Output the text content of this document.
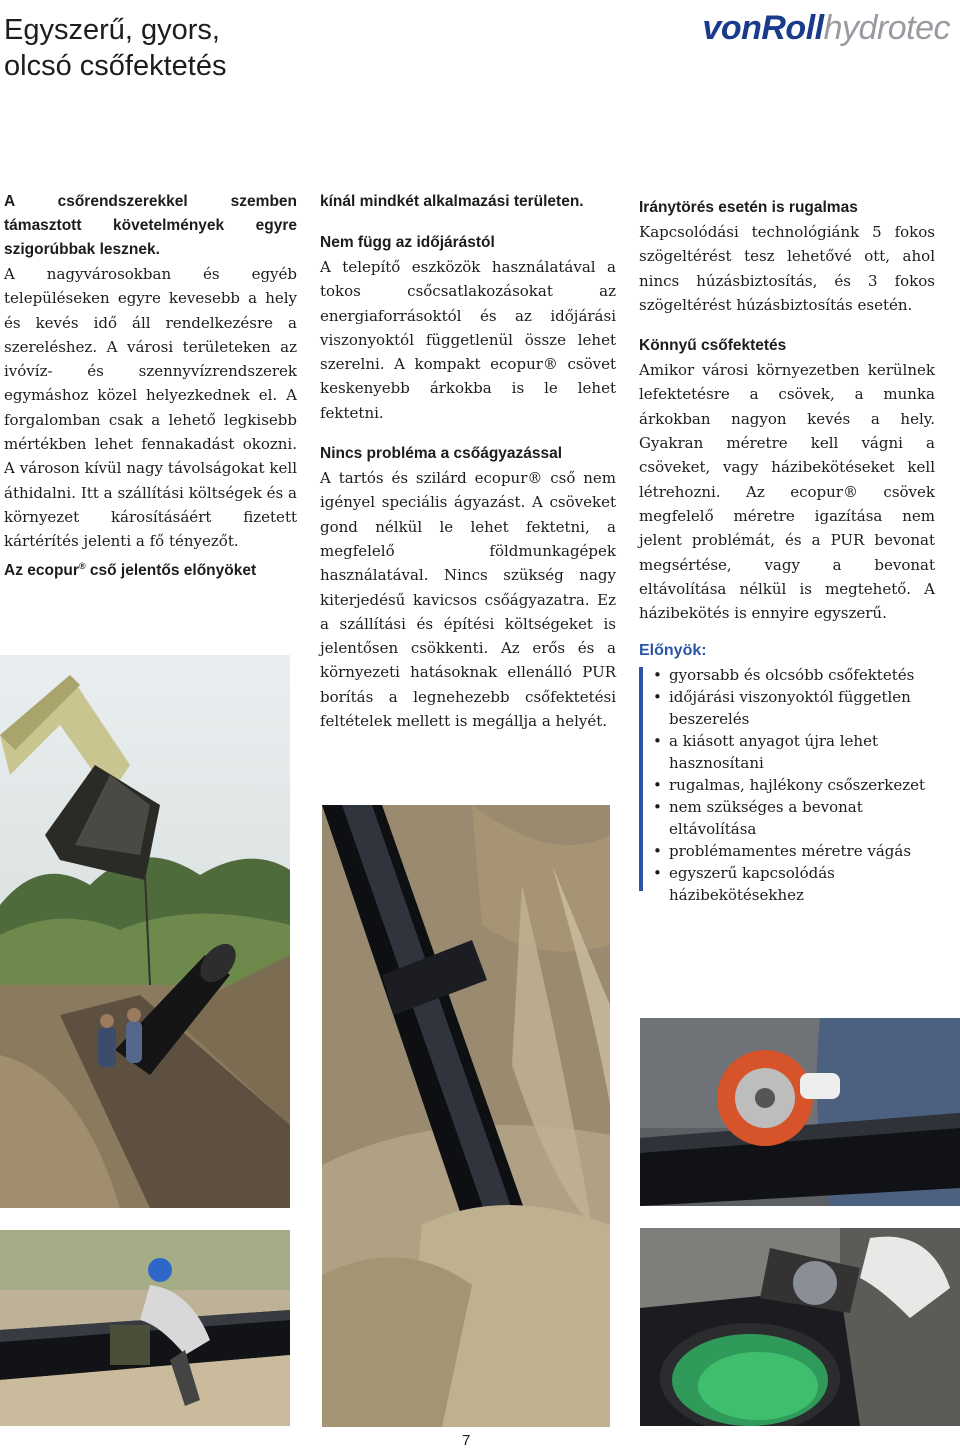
Egyszerű, gyors,
olcsó csőfektetés
vonRollhydrotec

A csőrendszerekkel szemben támasztott követelmények egyre szigorúbbak lesznek.

A nagyvárosokban és egyéb településeken egyre kevesebb a hely és kevés idő áll rendelkezésre a szereléshez. A városi területeken az ivóvíz- és szennyvízrendszerek egymáshoz közel helyezkednek el. A forgalomban csak a lehető legkisebb mértékben lehet fennakadást okozni. A városon kívül nagy távolságokat kell áthidalni. Itt a szállítási költségek és a környezet károsításáért fizetett kártérítés jelenti a fő tényezőt.

Az ecopur® cső jelentős előnyöket

kínál mindkét alkalmazási területen.

Nem függ az időjárástól

A telepítő eszközök használatával a tokos csőcsatlakozásokat az energiaforrásoktól és az időjárási viszonyoktól függetlenül össze lehet szerelni. A kompakt ecopur® csövet keskenyebb árkokba is le lehet fektetni.

Nincs probléma a csőágyazással

A tartós és szilárd ecopur® cső nem igényel speciális ágyazást. A csöveket gond nélkül le lehet fektetni, a megfelelő földmunkagépek használatával. Nincs szükség nagy kiterjedésű kavicsos csőágyazatra. Ez a szállítási és építési költségeket is jelentősen csökkenti. Az erős és a környezeti hatásoknak ellenálló PUR borítás a legnehezebb csőfektetési feltételek mellett is megállja a helyét.

Iránytörés esetén is rugalmas

Kapcsolódási technológiánk 5 fokos szögeltérést tesz lehetővé ott, ahol nincs húzásbiztosítás, és 3 fokos szögeltérést húzásbiztosítás esetén.

Könnyű csőfektetés

Amikor városi környezetben kerülnek lefektetésre a csövek, a munka árkokban nagyon kevés a hely. Gyakran méretre kell vágni a csöveket, vagy házibekötéseket kell létrehozni. Az ecopur® csövek megfelelő méretre igazítása nem jelent problémát, és a PUR bevonat megsértése, vagy a bevonat eltávolítása nélkül is megtehető. A házibekötés is ennyire egyszerű.

Előnyök:

• gyorsabb és olcsóbb csőfektetés
• időjárási viszonyoktól független beszerelés
• a kiásott anyagot újra lehet hasznosítani
• rugalmas, hajlékony csőszerkezet
• nem szükséges a bevonat eltávolítása
• problémamentes méretre vágás
• egyszerű kapcsolódás házibekötésekhez
7
